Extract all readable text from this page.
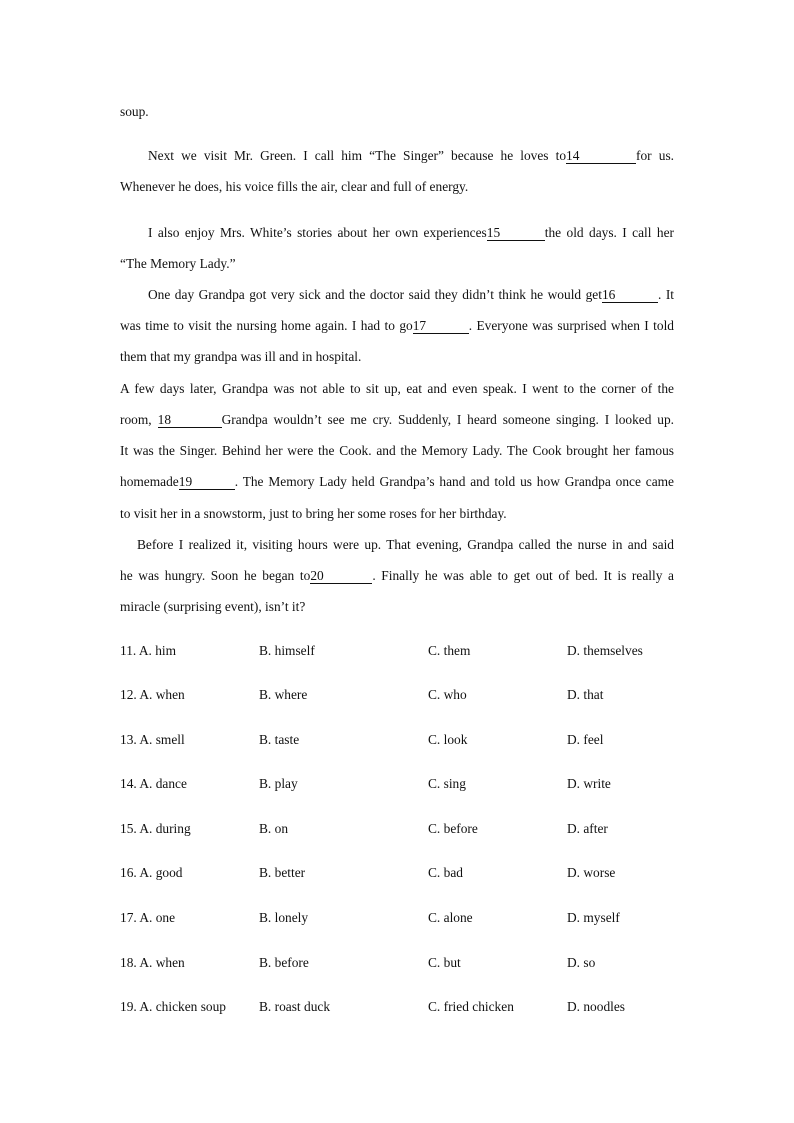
soup.
Next we visit Mr. Green. I call him “The Singer” because he loves to14	for us.
Whenever he does, his voice fills the air, clear and full of energy.
I also enjoy Mrs. White’s stories about her own experiences15	the old days. I call her
“The Memory Lady.”
One day Grandpa got very sick and the doctor said they didn’t think he would get16	. It
was time to visit the nursing home again. I had to go17	. Everyone was surprised when I told
them that my grandpa was ill and in hospital.
A few days later, Grandpa was not able to sit up, eat and even speak. I went to the corner of the
room, 18	Grandpa wouldn’t see me cry. Suddenly, I heard someone singing. I looked up.
It was the Singer. Behind her were the Cook. and the Memory Lady. The Cook brought her famous
homemade19	. The Memory Lady held Grandpa’s hand and told us how Grandpa once came
to visit her in a snowstorm, just to bring her some roses for her birthday.
Before I realized it, visiting hours were up. That evening, Grandpa called the nurse in and said
he was hungry. Soon he began to20	. Finally he was able to get out of bed. It is really a
miracle (surprising event), isn’t it?
11. A. him	B. himself	C. them	D. themselves
12. A. when	B. where	C. who	D. that
13. A. smell	B. taste	C. look	D. feel
14. A. dance	B. play	C. sing	D. write
15. A. during	B. on	C. before	D. after
16. A. good	B. better	C. bad	D. worse
17. A. one	B. lonely	C. alone	D. myself
18. A. when	B. before	C. but	D. so
19. A. chicken soup B. roast duck	C. fried chicken	D. noodles
